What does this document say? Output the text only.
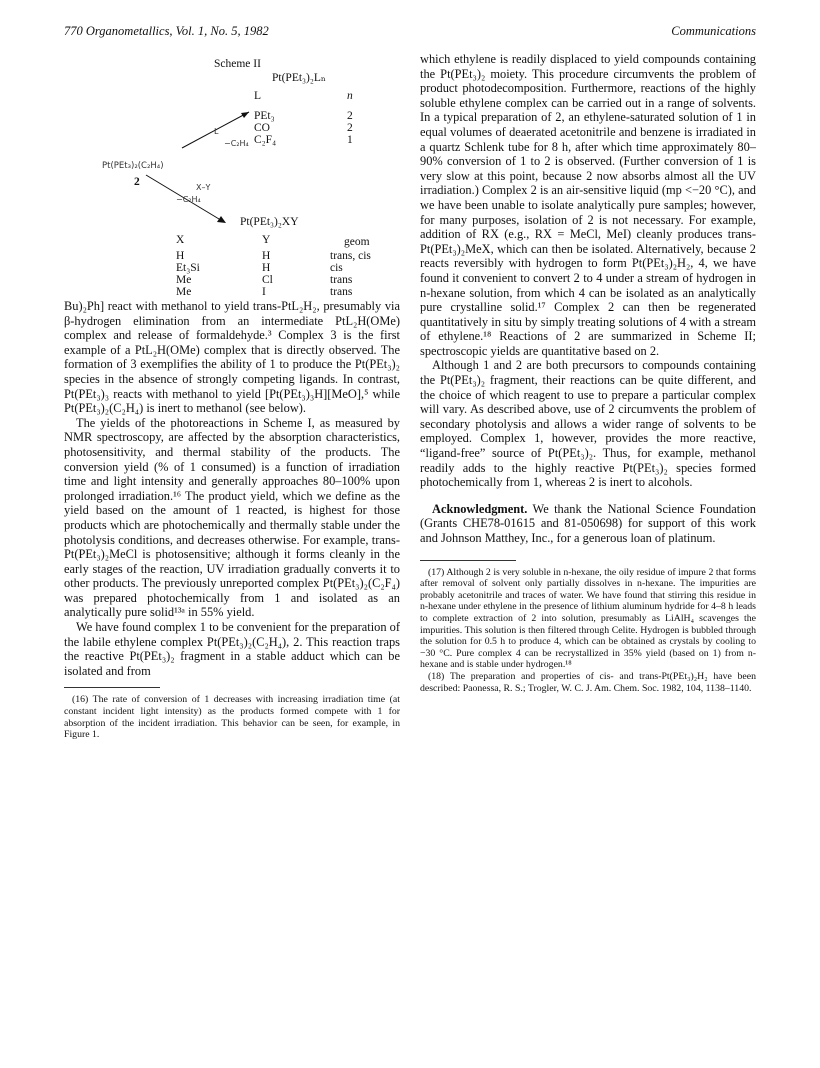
770 Organometallics, Vol. 1, No. 5, 1982	Communications
Scheme II
Pt(PEt₃)₂Lₙ
L	n
PEt₃	2
CO	2
C₂F₄	1
L
−C₂H₄
Pt(PEt₃)₂(C₂H₄)
2	X–Y
−C₂H₄
Pt(PEt₃)₂XY
X	Y	geom
H	H	trans, cis
Et₃Si	H	cis
Me	Cl	trans
Me	I	trans

Bu)₂Ph] react with methanol to yield trans-PtL₂H₂, presumably via β-hydrogen elimination from an intermediate PtL₂H(OMe) complex and release of formaldehyde.³ Complex 3 is the first example of a PtL₂H(OMe) complex that is directly observed. The formation of 3 exemplifies the ability of 1 to produce the Pt(PEt₃)₂ species in the absence of strongly competing ligands. In contrast, Pt(PEt₃)₃ reacts with methanol to yield [Pt(PEt₃)₃H][MeO],⁵ while Pt(PEt₃)₂(C₂H₄) is inert to methanol (see below).

The yields of the photoreactions in Scheme I, as measured by NMR spectroscopy, are affected by the absorption characteristics, photosensitivity, and thermal stability of the products. The conversion yield (% of 1 consumed) is a function of irradiation time and light intensity and generally approaches 80–100% upon prolonged irradiation.¹⁶ The product yield, which we define as the yield based on the amount of 1 reacted, is highest for those products which are photochemically and thermally stable under the photolysis conditions, and decreases otherwise. For example, trans-Pt(PEt₃)₂MeCl is photosensitive; although it forms cleanly in the early stages of the reaction, UV irradiation gradually converts it to other products. The previously unreported complex Pt(PEt₃)₂(C₂F₄) was prepared photochemically from 1 and isolated as an analytically pure solid¹³ᵃ in 55% yield.

We have found complex 1 to be convenient for the preparation of the labile ethylene complex Pt(PEt₃)₂(C₂H₄), 2. This reaction traps the reactive Pt(PEt₃)₂ fragment in a stable adduct which can be isolated and from

(16) The rate of conversion of 1 decreases with increasing irradiation time (at constant incident light intensity) as the products formed compete with 1 for absorption of the incident irradiation. This behavior can be seen, for example, in Figure 1.

which ethylene is readily displaced to yield compounds containing the Pt(PEt₃)₂ moiety. This procedure circumvents the problem of product photodecomposition. Furthermore, reactions of the highly soluble ethylene complex can be carried out in a range of solvents. In a typical preparation of 2, an ethylene-saturated solution of 1 in equal volumes of deaerated acetonitrile and benzene is irradiated in a quartz Schlenk tube for 8 h, after which time approximately 80–90% conversion of 1 to 2 is observed. (Further conversion of 1 is very slow at this point, because 2 now absorbs almost all the UV irradiation.) Complex 2 is an air-sensitive liquid (mp <−20 °C), and we have been unable to isolate analytically pure samples; however, for many purposes, isolation of 2 is not necessary. For example, addition of RX (e.g., RX = MeCl, MeI) cleanly produces trans-Pt(PEt₃)₂MeX, which can then be isolated. Alternatively, because 2 reacts reversibly with hydrogen to form Pt(PEt₃)₂H₂, 4, we have found it convenient to convert 2 to 4 under a stream of hydrogen in n-hexane solution, from which 4 can be isolated as an analytically pure crystalline solid.¹⁷ Complex 2 can then be regenerated quantitatively in situ by simply treating solutions of 4 with a stream of ethylene.¹⁸ Reactions of 2 are summarized in Scheme II; spectroscopic yields are quantitative based on 2.

Although 1 and 2 are both precursors to compounds containing the Pt(PEt₃)₂ fragment, their reactions can be quite different, and the choice of which reagent to use to prepare a particular complex will vary. As described above, use of 2 circumvents the problem of secondary photolysis and allows a wider range of solvents to be employed. Complex 1, however, provides the more reactive, “ligand-free” source of Pt(PEt₃)₂. Thus, for example, methanol readily adds to the highly reactive Pt(PEt₃)₂ species formed photochemically from 1, whereas 2 is inert to alcohols.

Acknowledgment. We thank the National Science Foundation (Grants CHE78-01615 and 81-050698) for support of this work and Johnson Matthey, Inc., for a generous loan of platinum.

(17) Although 2 is very soluble in n-hexane, the oily residue of impure 2 that forms after removal of solvent only partially dissolves in n-hexane. The impurities are probably acetonitrile and traces of water. We have found that stirring this residue in n-hexane under ethylene in the presence of lithium aluminum hydride for 4–8 h leads to complete extraction of 2 into solution, presumably as LiAlH₄ scavenges the impurities. This solution is then filtered through Celite. Hydrogen is bubbled through the solution for 0.5 h to produce 4, which can be obtained as crystals by cooling to −30 °C. Pure complex 4 can be recrystallized in 35% yield (based on 1) from n-hexane and is stable under hydrogen.¹⁸

(18) The preparation and properties of cis- and trans-Pt(PEt₃)₂H₂ have been described: Paonessa, R. S.; Trogler, W. C. J. Am. Chem. Soc. 1982, 104, 1138–1140.
